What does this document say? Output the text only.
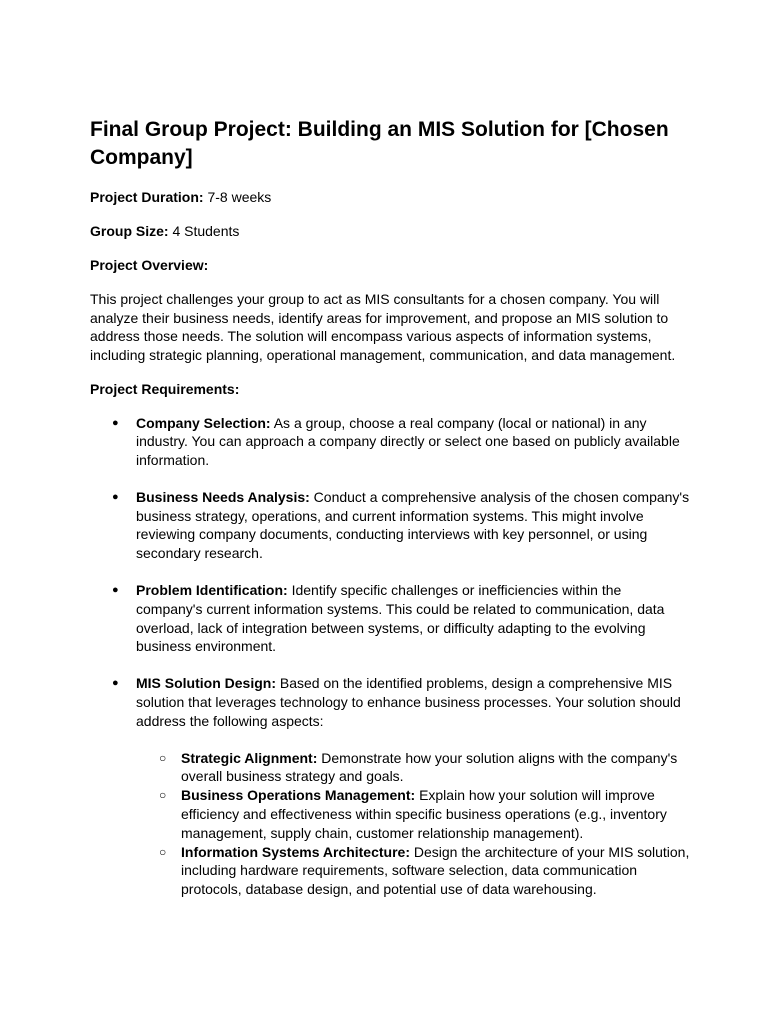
Final Group Project: Building an MIS Solution for [Chosen Company]

Project Duration: 7-8 weeks

Group Size: 4 Students

Project Overview:

This project challenges your group to act as MIS consultants for a chosen company. You will analyze their business needs, identify areas for improvement, and propose an MIS solution to address those needs. The solution will encompass various aspects of information systems, including strategic planning, operational management, communication, and data management.

Project Requirements:

● Company Selection: As a group, choose a real company (local or national) in any industry. You can approach a company directly or select one based on publicly available information.
● Business Needs Analysis: Conduct a comprehensive analysis of the chosen company's business strategy, operations, and current information systems. This might involve reviewing company documents, conducting interviews with key personnel, or using secondary research.
● Problem Identification: Identify specific challenges or inefficiencies within the company's current information systems. This could be related to communication, data overload, lack of integration between systems, or difficulty adapting to the evolving business environment.
● MIS Solution Design: Based on the identified problems, design a comprehensive MIS solution that leverages technology to enhance business processes. Your solution should address the following aspects:
○ Strategic Alignment: Demonstrate how your solution aligns with the company's overall business strategy and goals.
○ Business Operations Management: Explain how your solution will improve efficiency and effectiveness within specific business operations (e.g., inventory management, supply chain, customer relationship management).
○ Information Systems Architecture: Design the architecture of your MIS solution, including hardware requirements, software selection, data communication protocols, database design, and potential use of data warehousing.
